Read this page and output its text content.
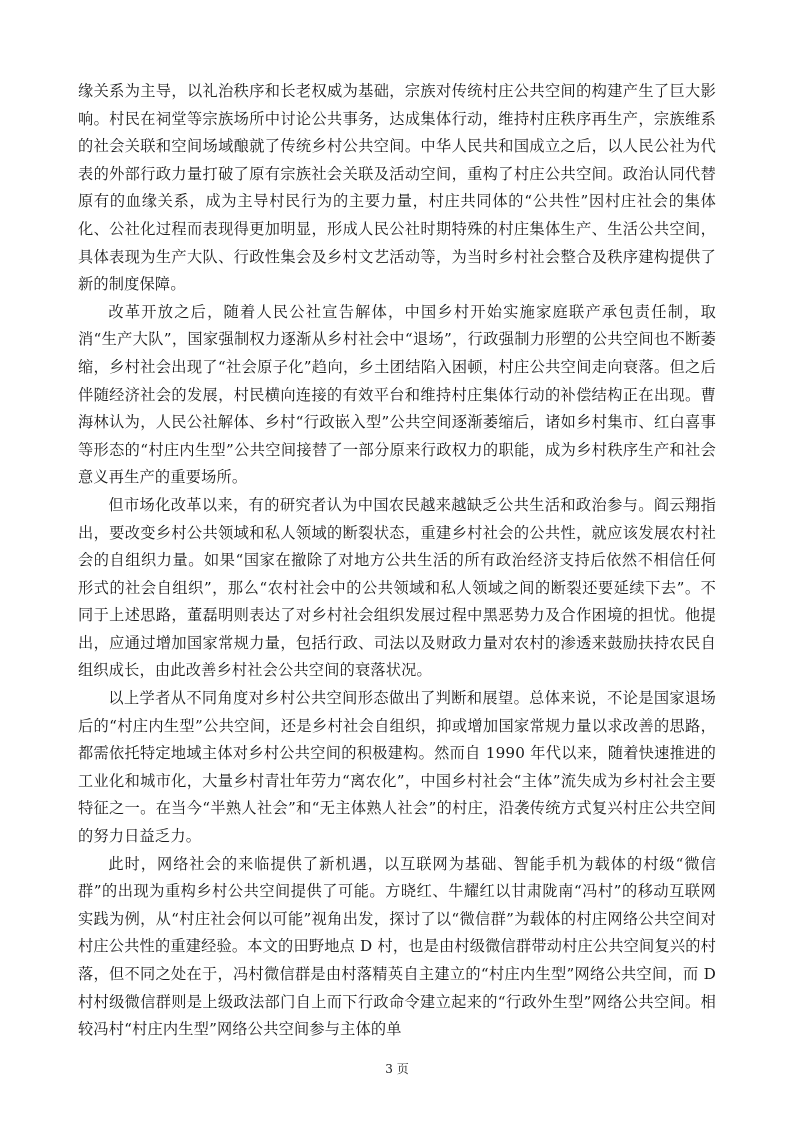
缘关系为主导，以礼治秩序和长老权威为基础，宗族对传统村庄公共空间的构建产生了巨大影响。村民在祠堂等宗族场所中讨论公共事务，达成集体行动，维持村庄秩序再生产，宗族维系的社会关联和空间场域酿就了传统乡村公共空间。中华人民共和国成立之后，以人民公社为代表的外部行政力量打破了原有宗族社会关联及活动空间，重构了村庄公共空间。政治认同代替原有的血缘关系，成为主导村民行为的主要力量，村庄共同体的“公共性”因村庄社会的集体化、公社化过程而表现得更加明显，形成人民公社时期特殊的村庄集体生产、生活公共空间，具体表现为生产大队、行政性集会及乡村文艺活动等，为当时乡村社会整合及秩序建构提供了新的制度保障。

改革开放之后，随着人民公社宣告解体，中国乡村开始实施家庭联产承包责任制，取消“生产大队”，国家强制权力逐渐从乡村社会中“退场”，行政强制力形塑的公共空间也不断萎缩，乡村社会出现了“社会原子化”趋向，乡土团结陷入困顿，村庄公共空间走向衰落。但之后伴随经济社会的发展，村民横向连接的有效平台和维持村庄集体行动的补偿结构正在出现。曹海林认为，人民公社解体、乡村“行政嵌入型”公共空间逐渐萎缩后，诸如乡村集市、红白喜事等形态的“村庄内生型”公共空间接替了一部分原来行政权力的职能，成为乡村秩序生产和社会意义再生产的重要场所。

但市场化改革以来，有的研究者认为中国农民越来越缺乏公共生活和政治参与。阎云翔指出，要改变乡村公共领域和私人领域的断裂状态，重建乡村社会的公共性，就应该发展农村社会的自组织力量。如果“国家在撤除了对地方公共生活的所有政治经济支持后依然不相信任何形式的社会自组织”，那么“农村社会中的公共领域和私人领域之间的断裂还要延续下去”。不同于上述思路，董磊明则表达了对乡村社会组织发展过程中黑恶势力及合作困境的担忧。他提出，应通过增加国家常规力量，包括行政、司法以及财政力量对农村的渗透来鼓励扶持农民自组织成长，由此改善乡村社会公共空间的衰落状况。

以上学者从不同角度对乡村公共空间形态做出了判断和展望。总体来说，不论是国家退场后的“村庄内生型”公共空间，还是乡村社会自组织，抑或增加国家常规力量以求改善的思路，都需依托特定地域主体对乡村公共空间的积极建构。然而自 1990 年代以来，随着快速推进的工业化和城市化，大量乡村青壮年劳力“离农化”，中国乡村社会“主体”流失成为乡村社会主要特征之一。在当今“半熟人社会”和“无主体熟人社会”的村庄，沿袭传统方式复兴村庄公共空间的努力日益乏力。

此时，网络社会的来临提供了新机遇，以互联网为基础、智能手机为载体的村级“微信群”的出现为重构乡村公共空间提供了可能。方晓红、牛耀红以甘肃陇南“冯村”的移动互联网实践为例，从“村庄社会何以可能”视角出发，探讨了以“微信群”为载体的村庄网络公共空间对村庄公共性的重建经验。本文的田野地点 D 村，也是由村级微信群带动村庄公共空间复兴的村落，但不同之处在于，冯村微信群是由村落精英自主建立的“村庄内生型”网络公共空间，而 D 村村级微信群则是上级政法部门自上而下行政命令建立起来的“行政外生型”网络公共空间。相较冯村“村庄内生型”网络公共空间参与主体的单

3 页
